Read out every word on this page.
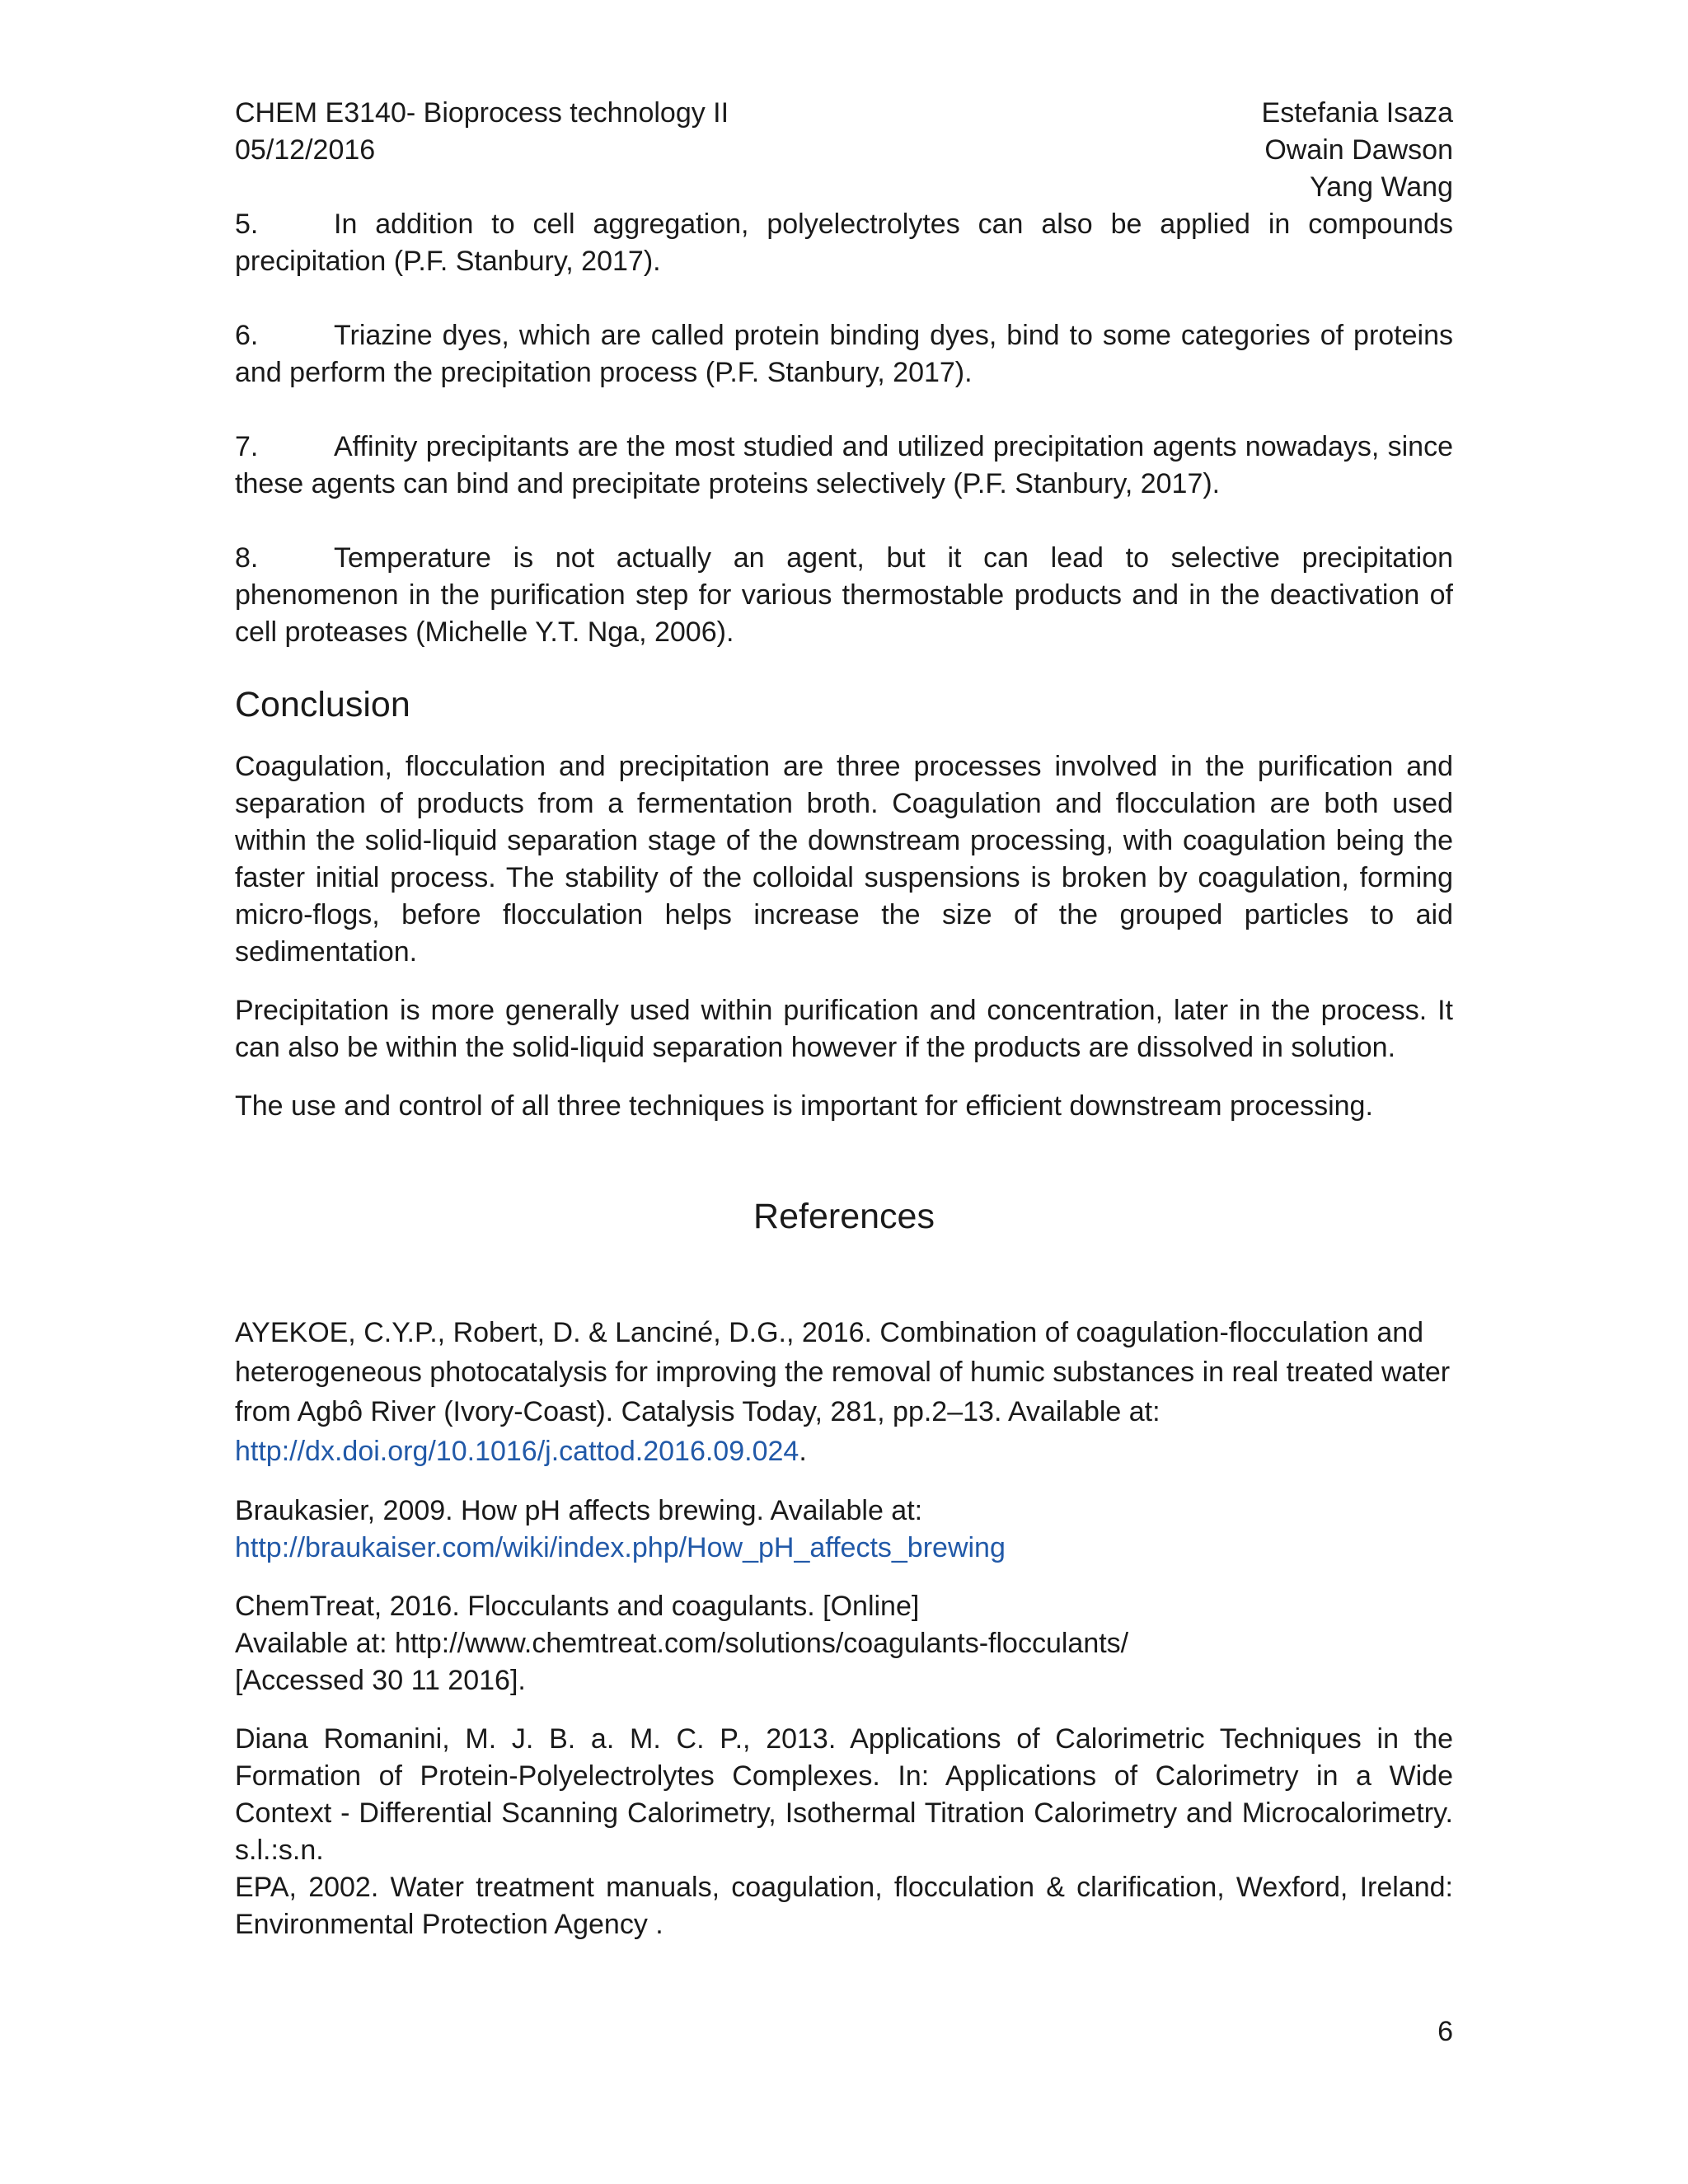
CHEM E3140- Bioprocess technology II
05/12/2016
Estefania Isaza
Owain Dawson
Yang Wang

5.	In addition to cell aggregation, polyelectrolytes can also be applied in compounds precipitation (P.F. Stanbury, 2017).

6.	Triazine dyes, which are called protein binding dyes, bind to some categories of proteins and perform the precipitation process (P.F. Stanbury, 2017).

7.	Affinity precipitants are the most studied and utilized precipitation agents nowadays, since these agents can bind and precipitate proteins selectively (P.F. Stanbury, 2017).

8.	Temperature is not actually an agent, but it can lead to selective precipitation phenomenon in the purification step for various thermostable products and in the deactivation of cell proteases (Michelle Y.T. Nga, 2006).

Conclusion

Coagulation, flocculation and precipitation are three processes involved in the purification and separation of products from a fermentation broth. Coagulation and flocculation are both used within the solid-liquid separation stage of the downstream processing, with coagulation being the faster initial process. The stability of the colloidal suspensions is broken by coagulation, forming micro-flogs, before flocculation helps increase the size of the grouped particles to aid sedimentation.

Precipitation is more generally used within purification and concentration, later in the process. It can also be within the solid-liquid separation however if the products are dissolved in solution.

The use and control of all three techniques is important for efficient downstream processing.

References

AYEKOE, C.Y.P., Robert, D. & Lanciné, D.G., 2016. Combination of coagulation-flocculation and heterogeneous photocatalysis for improving the removal of humic substances in real treated water from Agbô River (Ivory-Coast). Catalysis Today, 281, pp.2–13. Available at:
http://dx.doi.org/10.1016/j.cattod.2016.09.024.

Braukasier, 2009. How pH affects brewing. Available at:
http://braukaiser.com/wiki/index.php/How_pH_affects_brewing

ChemTreat, 2016. Flocculants and coagulants. [Online]
Available at: http://www.chemtreat.com/solutions/coagulants-flocculants/
[Accessed 30 11 2016].

Diana Romanini, M. J. B. a. M. C. P., 2013. Applications of Calorimetric Techniques in the Formation of Protein-Polyelectrolytes Complexes. In: Applications of Calorimetry in a Wide Context - Differential Scanning Calorimetry, Isothermal Titration Calorimetry and Microcalorimetry. s.l.:s.n.

EPA, 2002. Water treatment manuals, coagulation, flocculation & clarification, Wexford, Ireland: Environmental Protection Agency .

6
